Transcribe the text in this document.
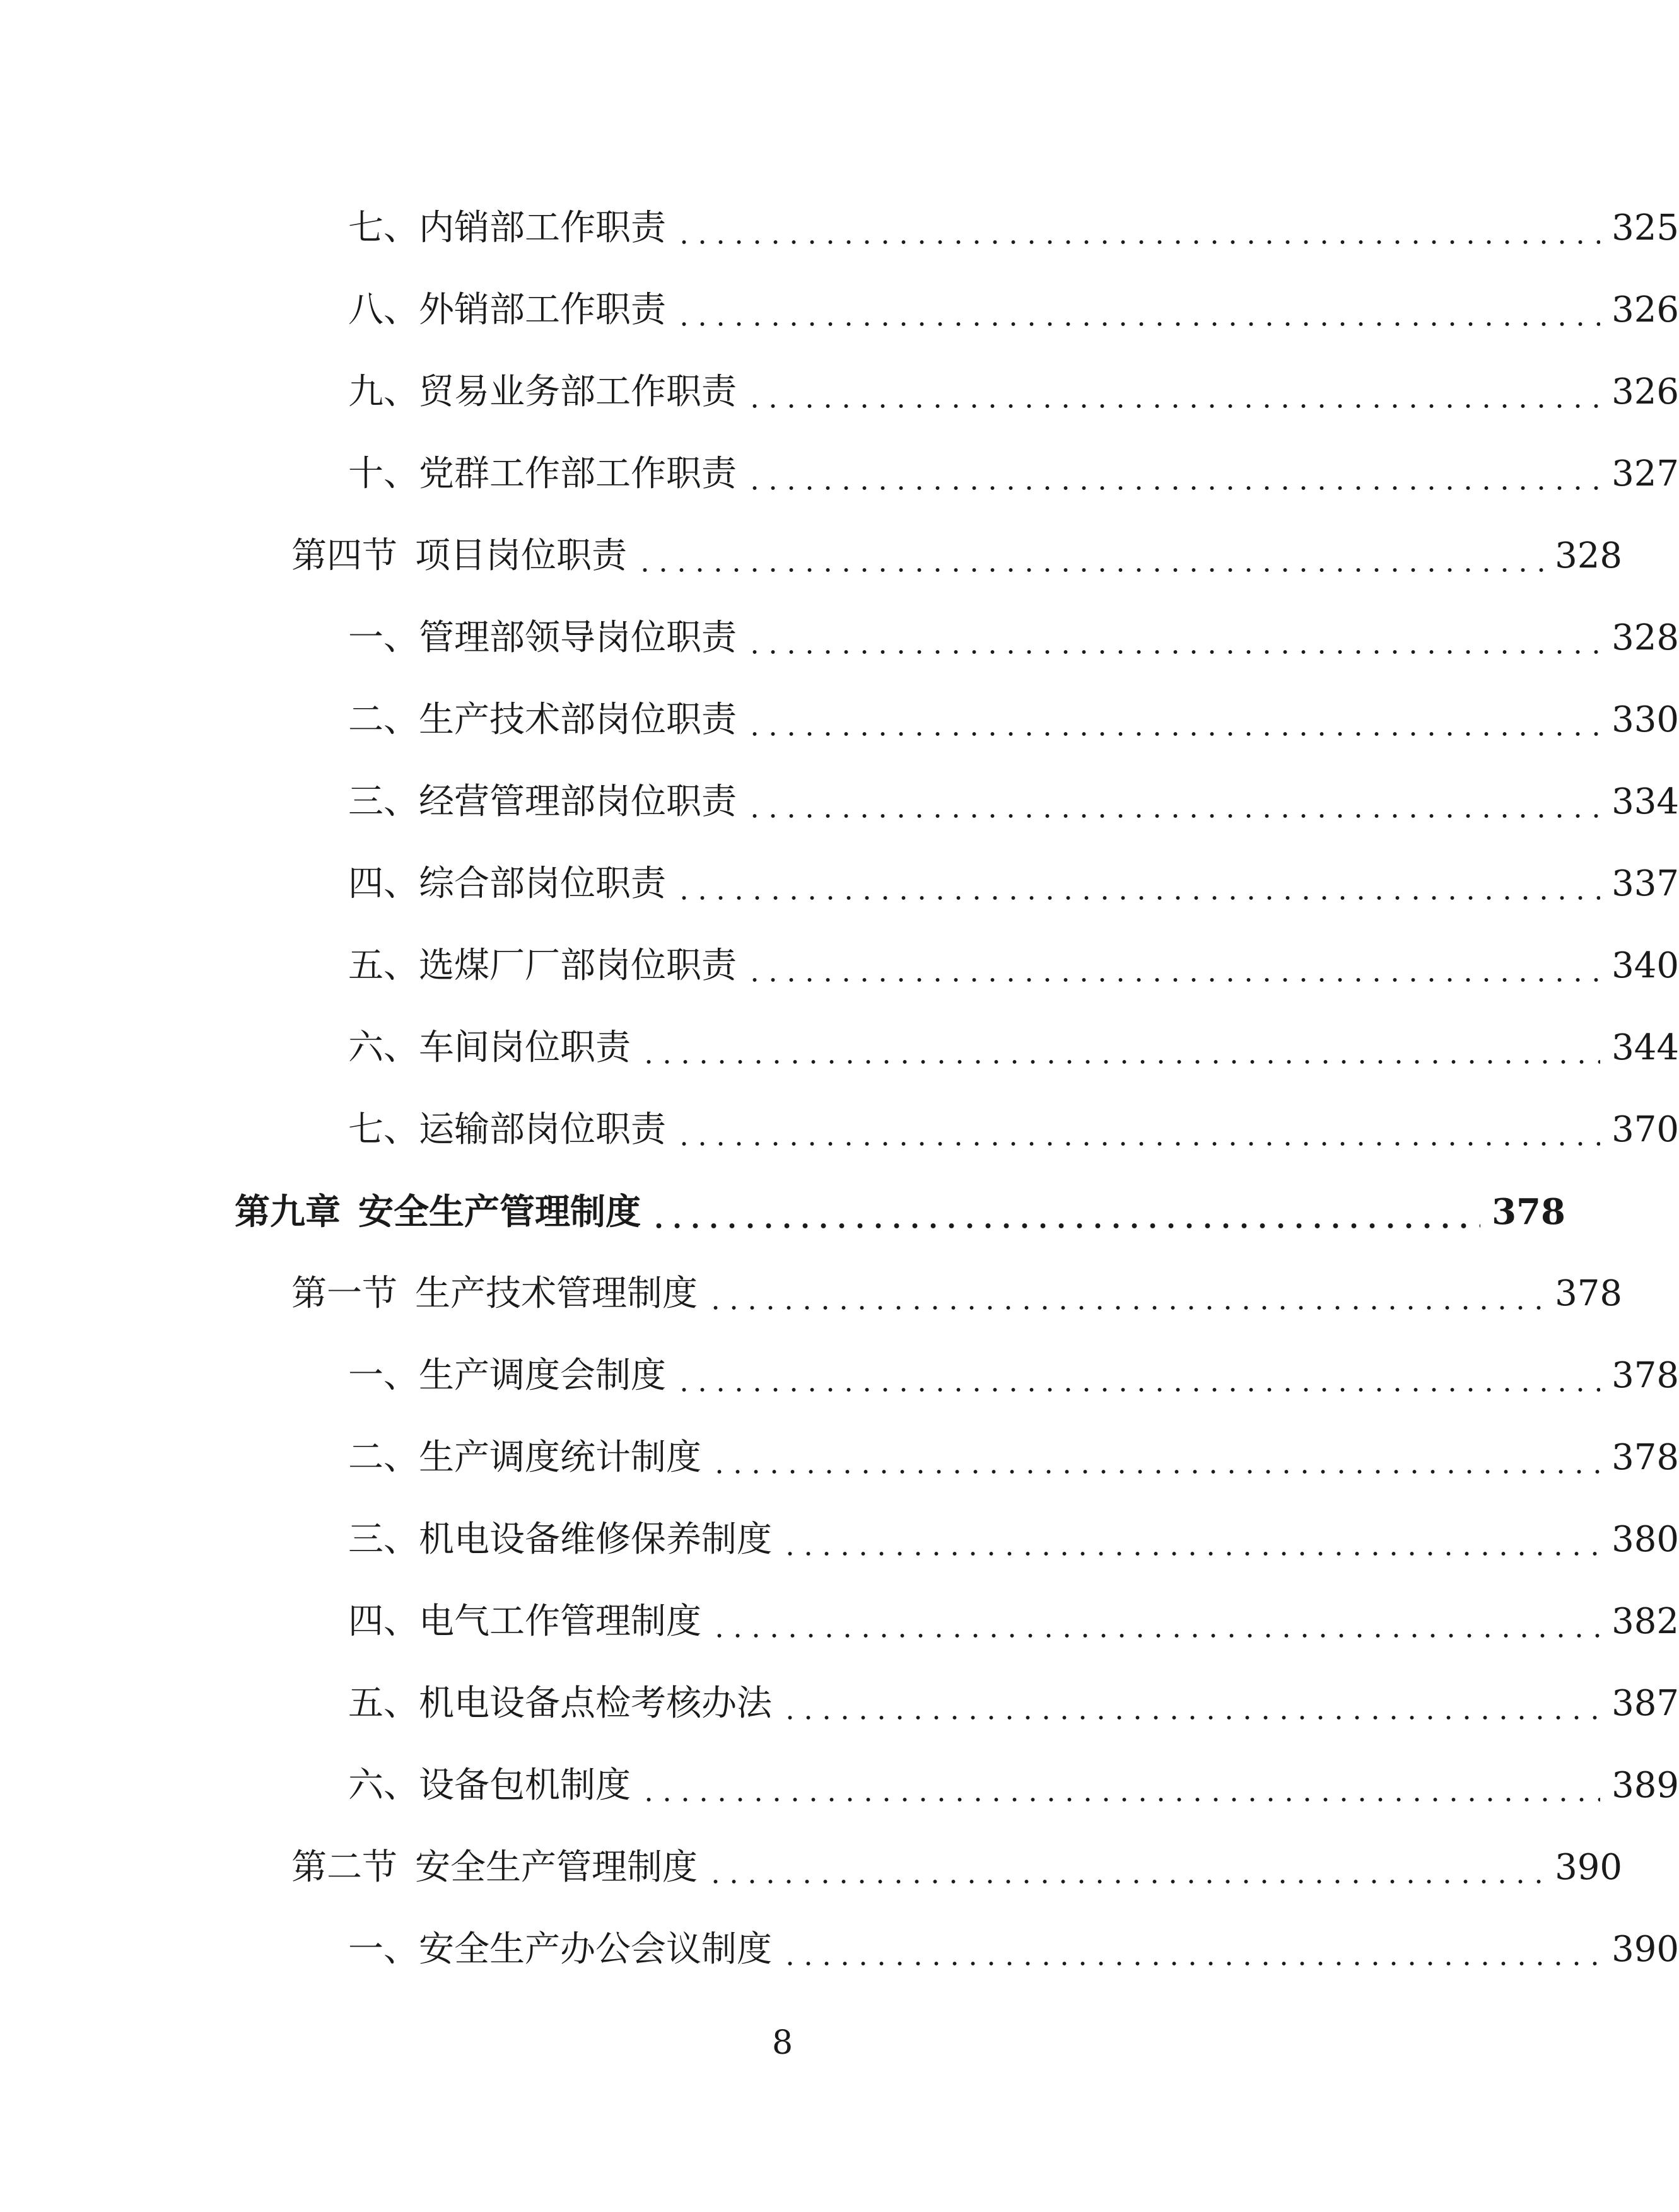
七、 内销部工作职责	325
八、 外销部工作职责	326
九、 贸易业务部工作职责	326
十、 党群工作部工作职责	327
第四节 项目岗位职责	328
一、 管理部领导岗位职责	328
二、 生产技术部岗位职责	330
三、 经营管理部岗位职责	334
四、 综合部岗位职责	337
五、 选煤厂厂部岗位职责	340
六、 车间岗位职责	344
七、 运输部岗位职责	370
第九章 安全生产管理制度	378
第一节 生产技术管理制度	378
一、 生产调度会制度	378
二、 生产调度统计制度	378
三、 机电设备维修保养制度	380
四、 电气工作管理制度	382
五、 机电设备点检考核办法	387
六、 设备包机制度	389
第二节 安全生产管理制度	390
一、 安全生产办公会议制度	390
8
